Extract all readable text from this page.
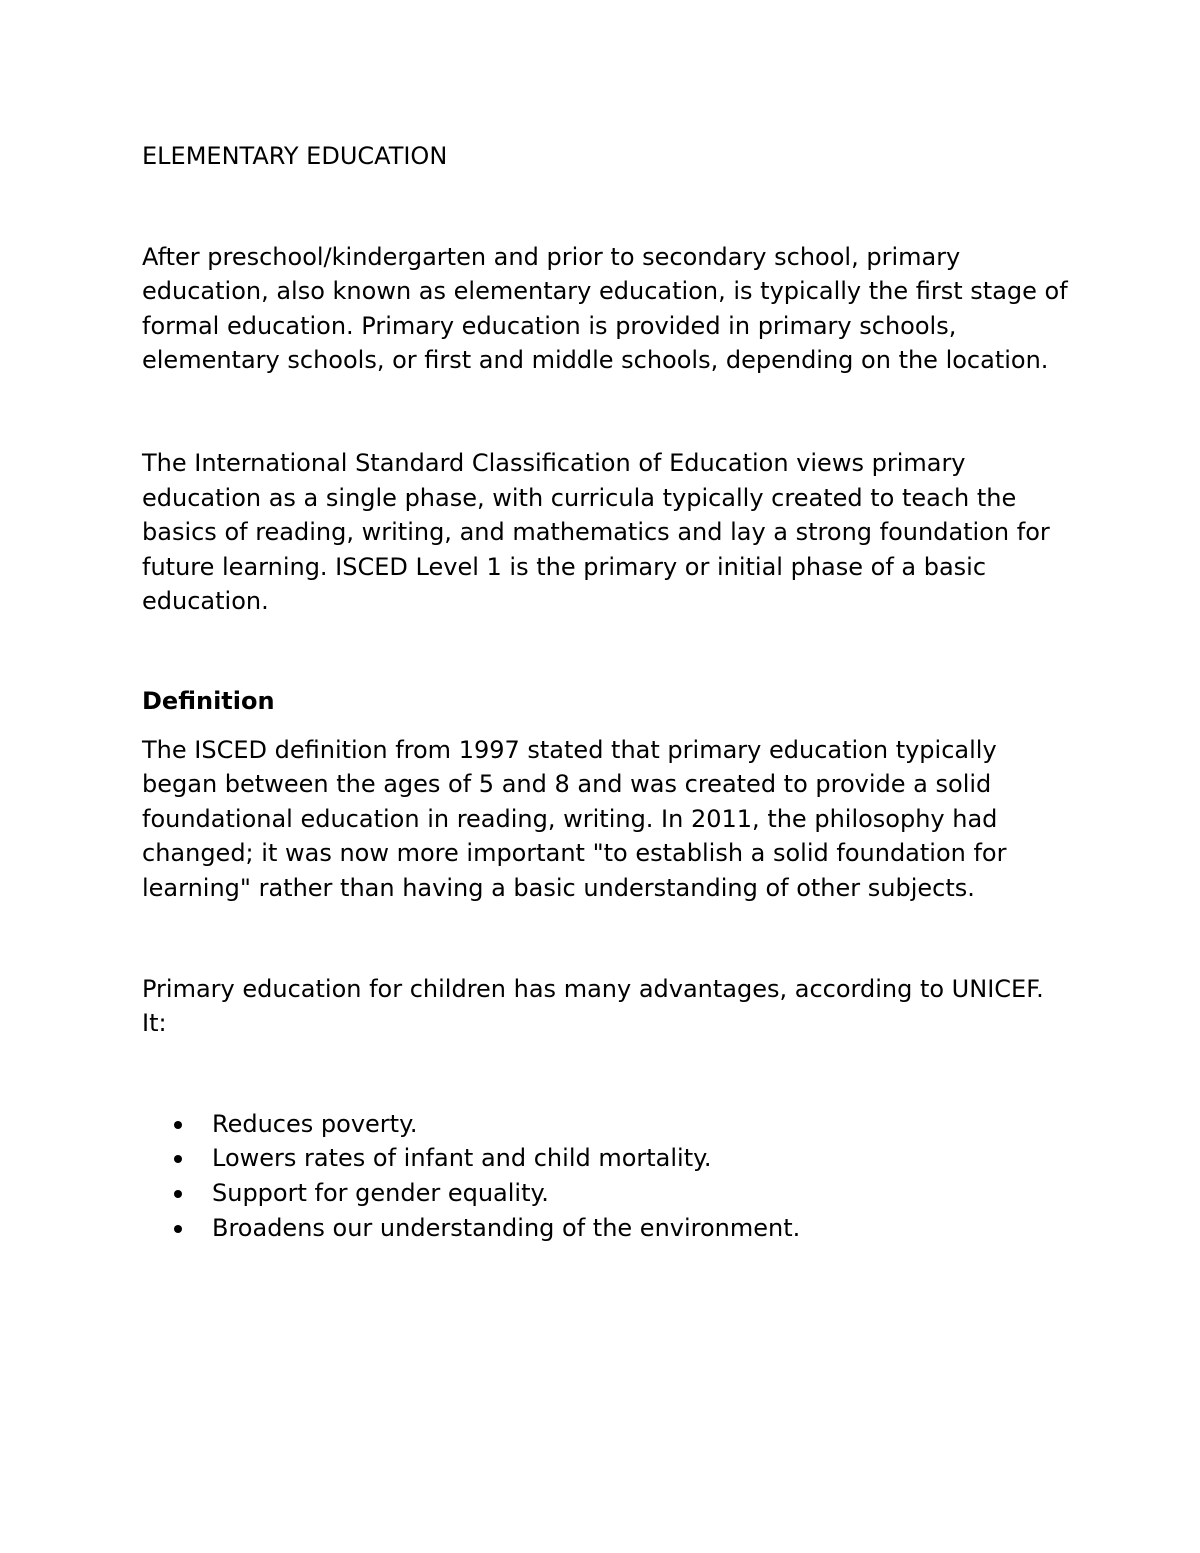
ELEMENTARY EDUCATION

After preschool/kindergarten and prior to secondary school, primary education, also known as elementary education, is typically the first stage of formal education. Primary education is provided in primary schools, elementary schools, or first and middle schools, depending on the location.

The International Standard Classification of Education views primary education as a single phase, with curricula typically created to teach the basics of reading, writing, and mathematics and lay a strong foundation for future learning. ISCED Level 1 is the primary or initial phase of a basic education.

Definition

The ISCED definition from 1997 stated that primary education typically began between the ages of 5 and 8 and was created to provide a solid foundational education in reading, writing. In 2011, the philosophy had changed; it was now more important "to establish a solid foundation for learning" rather than having a basic understanding of other subjects.

Primary education for children has many advantages, according to UNICEF. It:

Reduces poverty.
Lowers rates of infant and child mortality.
Support for gender equality.
Broadens our understanding of the environment.
